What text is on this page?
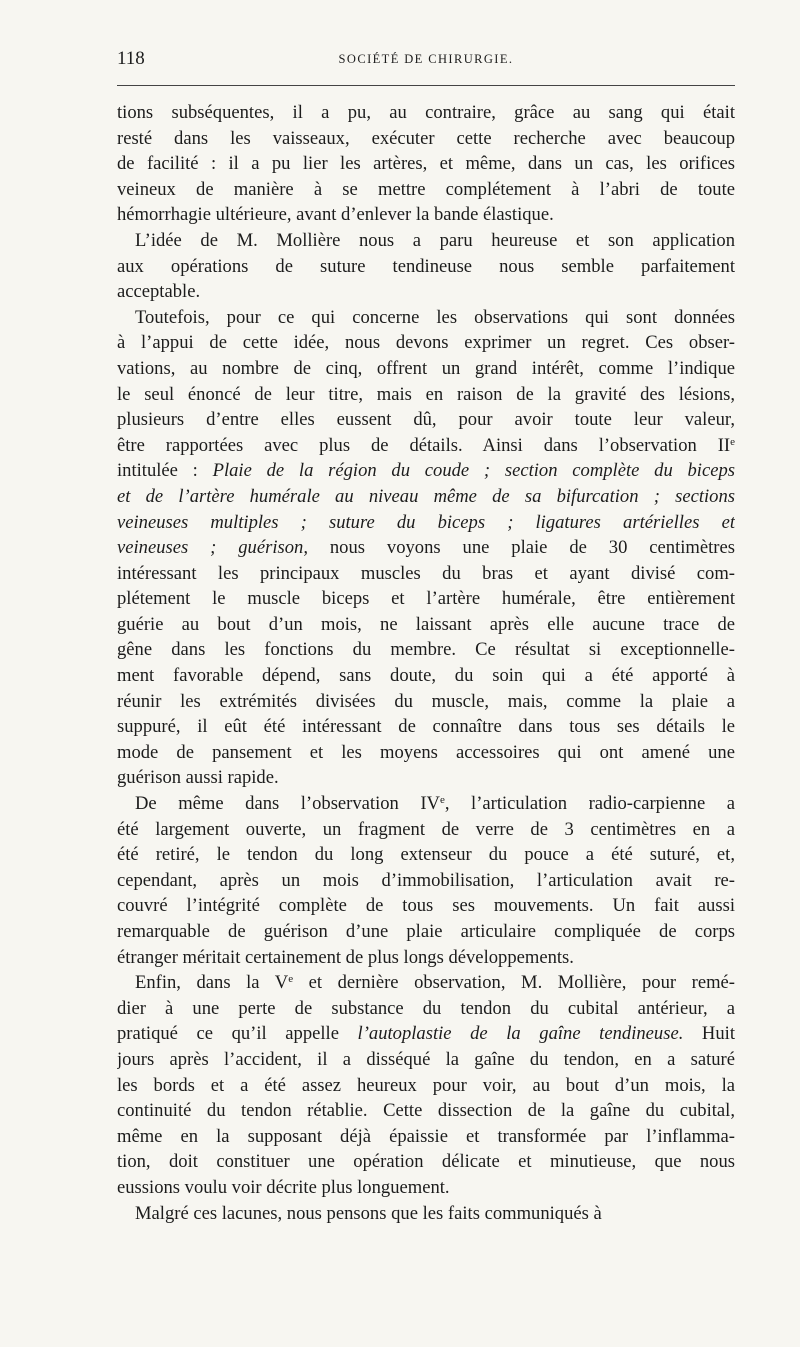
118	SOCIÉTÉ DE CHIRURGIE.
tions subséquentes, il a pu, au contraire, grâce au sang qui était
resté dans les vaisseaux, exécuter cette recherche avec beaucoup
de facilité : il a pu lier les artères, et même, dans un cas, les orifices
veineux de manière à se mettre complétement à l’abri de toute
hémorrhagie ultérieure, avant d’enlever la bande élastique.
L’idée de M. Mollière nous a paru heureuse et son application
aux opérations de suture tendineuse nous semble parfaitement
acceptable.
Toutefois, pour ce qui concerne les observations qui sont données
à l’appui de cette idée, nous devons exprimer un regret. Ces obser-
vations, au nombre de cinq, offrent un grand intérêt, comme l’indique
le seul énoncé de leur titre, mais en raison de la gravité des lésions,
plusieurs d’entre elles eussent dû, pour avoir toute leur valeur,
être rapportées avec plus de détails. Ainsi dans l’observation IIe
intitulée : Plaie de la région du coude ; section complète du biceps
et de l’artère humérale au niveau même de sa bifurcation ; sections
veineuses multiples ; suture du biceps ; ligatures artérielles et
veineuses ; guérison, nous voyons une plaie de 30 centimètres
intéressant les principaux muscles du bras et ayant divisé com-
plétement le muscle biceps et l’artère humérale, être entièrement
guérie au bout d’un mois, ne laissant après elle aucune trace de
gêne dans les fonctions du membre. Ce résultat si exceptionnelle-
ment favorable dépend, sans doute, du soin qui a été apporté à
réunir les extrémités divisées du muscle, mais, comme la plaie a
suppuré, il eût été intéressant de connaître dans tous ses détails le
mode de pansement et les moyens accessoires qui ont amené une
guérison aussi rapide.
De même dans l’observation IVe, l’articulation radio-carpienne a
été largement ouverte, un fragment de verre de 3 centimètres en a
été retiré, le tendon du long extenseur du pouce a été suturé, et,
cependant, après un mois d’immobilisation, l’articulation avait re-
couvré l’intégrité complète de tous ses mouvements. Un fait aussi
remarquable de guérison d’une plaie articulaire compliquée de corps
étranger méritait certainement de plus longs développements.
Enfin, dans la Ve et dernière observation, M. Mollière, pour remé-
dier à une perte de substance du tendon du cubital antérieur, a
pratiqué ce qu’il appelle l’autoplastie de la gaîne tendineuse. Huit
jours après l’accident, il a disséqué la gaîne du tendon, en a saturé
les bords et a été assez heureux pour voir, au bout d’un mois, la
continuité du tendon rétablie. Cette dissection de la gaîne du cubital,
même en la supposant déjà épaissie et transformée par l’inflamma-
tion, doit constituer une opération délicate et minutieuse, que nous
eussions voulu voir décrite plus longuement.
Malgré ces lacunes, nous pensons que les faits communiqués à
